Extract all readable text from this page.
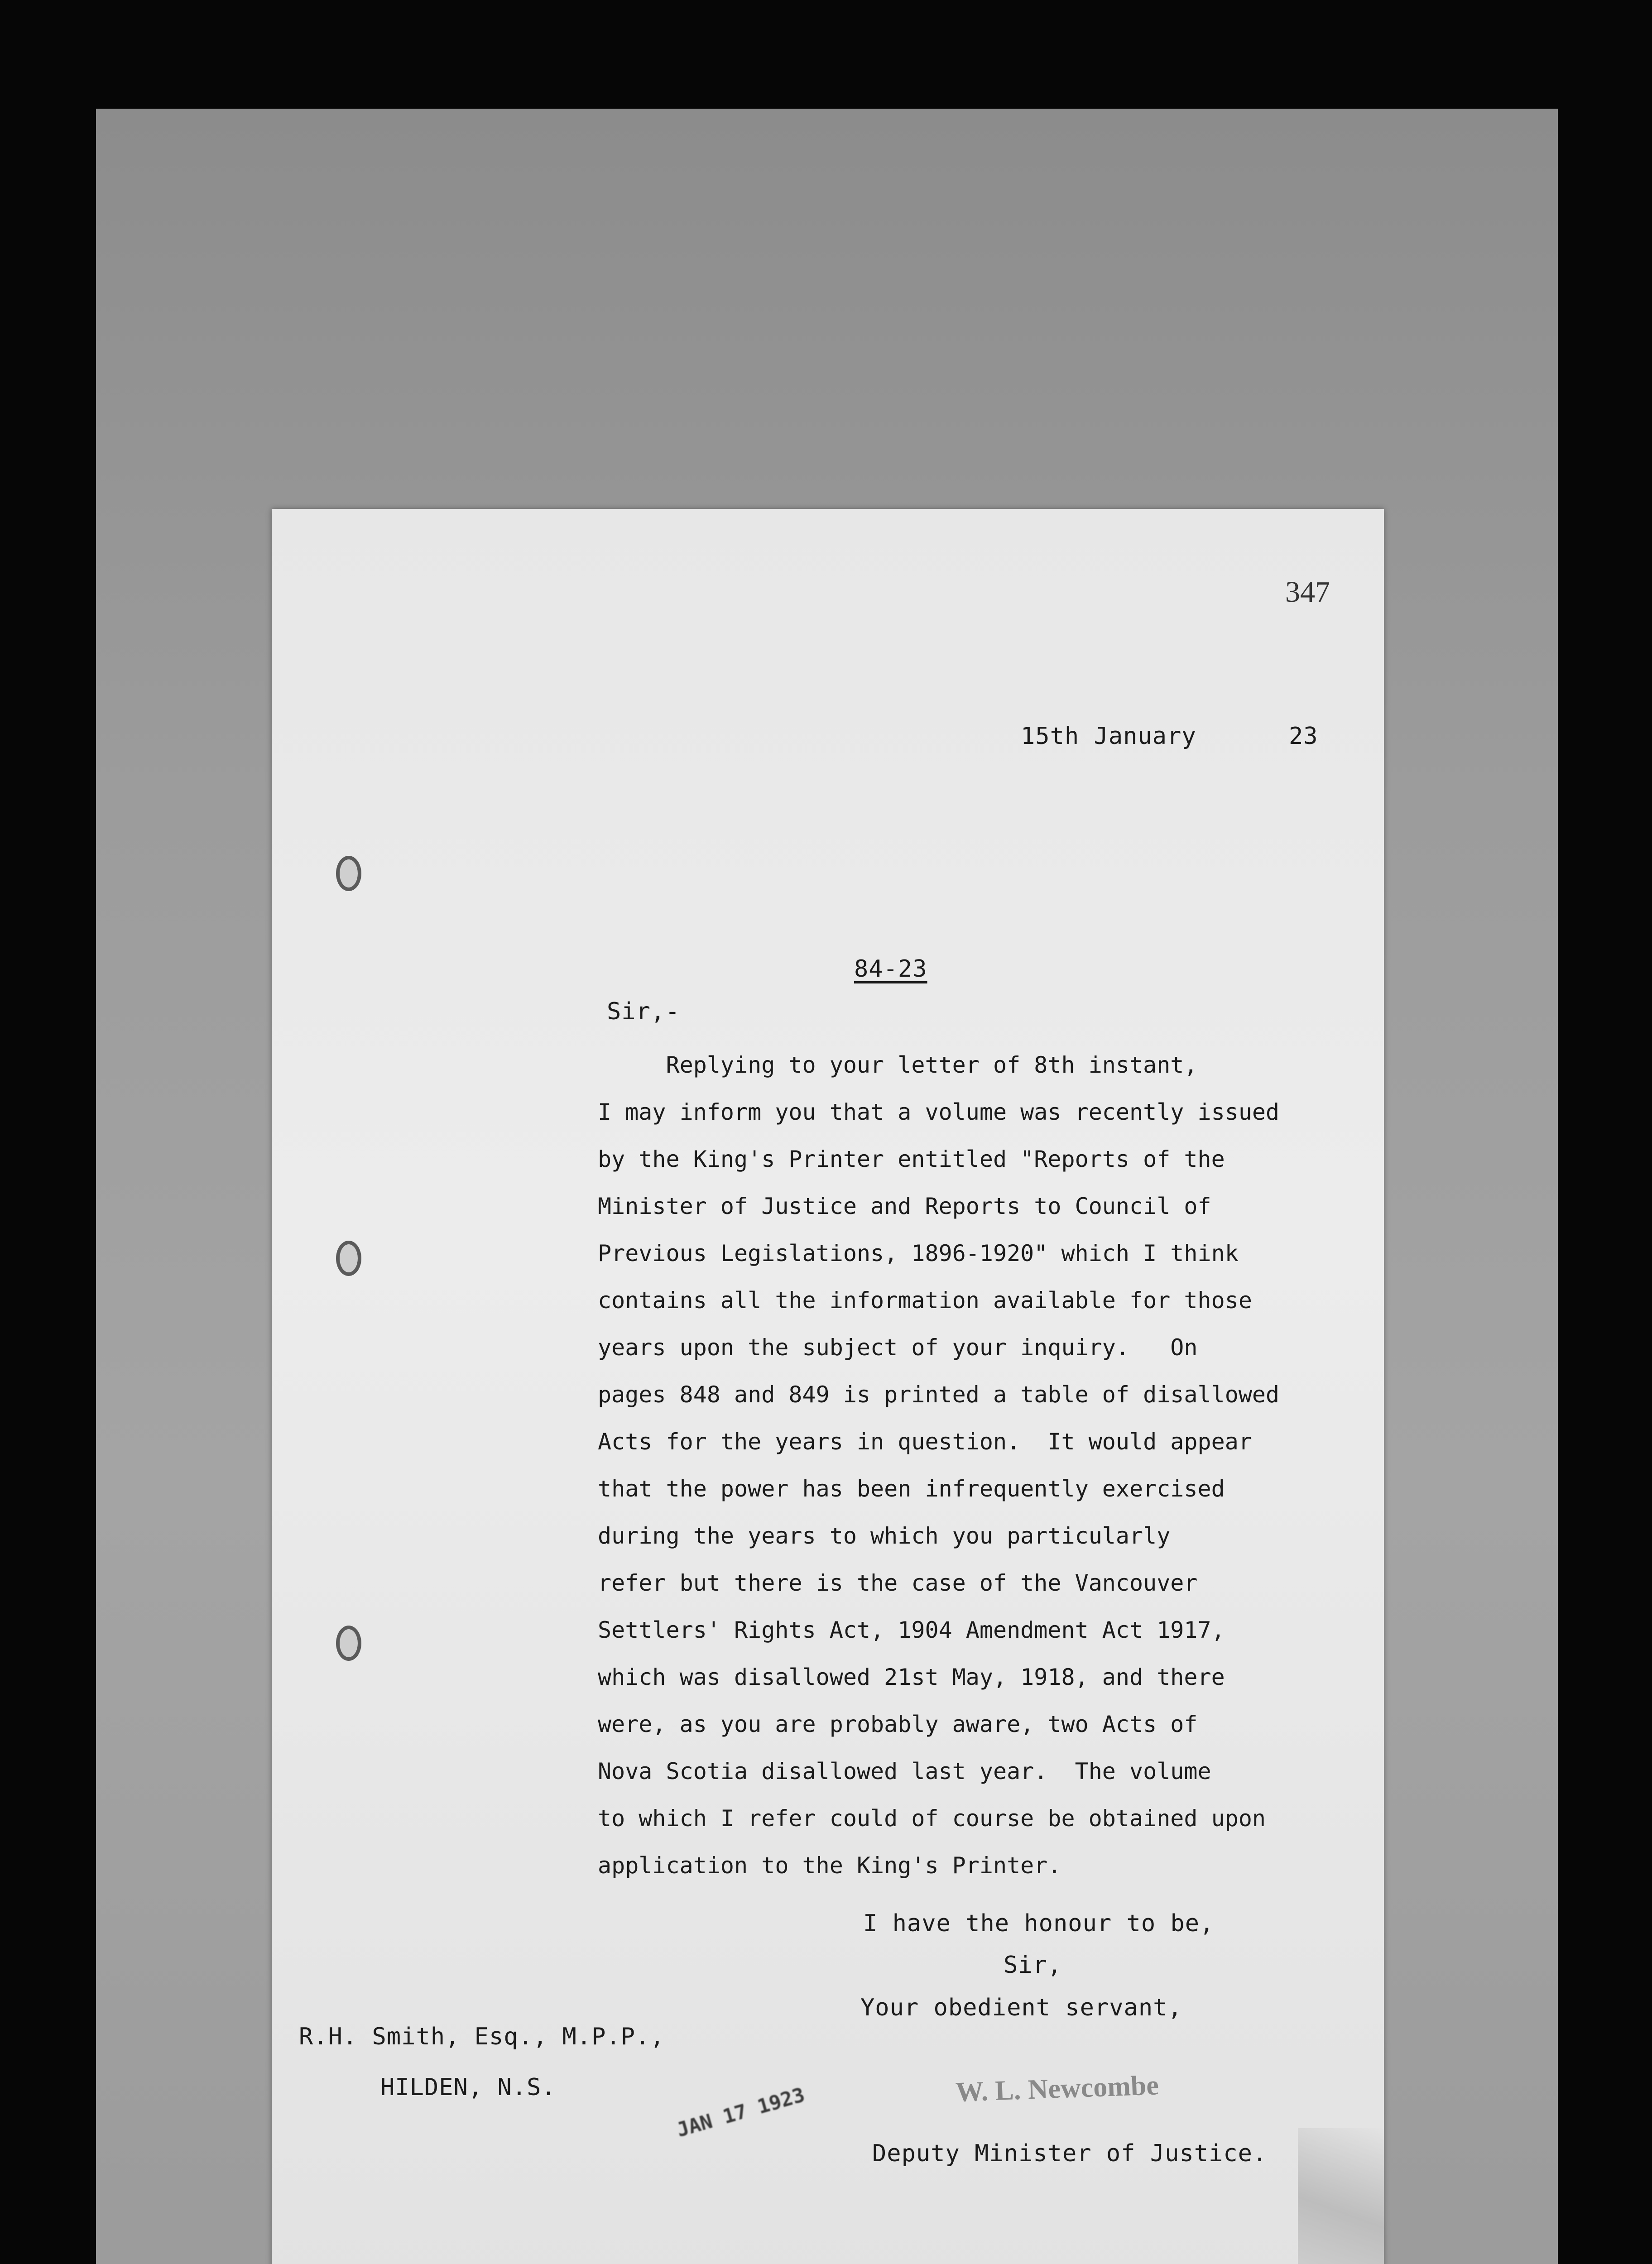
347
15th January	23
84-23
Sir,-
Replying to your letter of 8th instant,
I may inform you that a volume was recently issued
by the King's Printer entitled "Reports of the
Minister of Justice and Reports to Council of
Previous Legislations, 1896-1920" which I think
contains all the information available for those
years upon the subject of your inquiry.   On
pages 848 and 849 is printed a table of disallowed
Acts for the years in question.  It would appear
that the power has been infrequently exercised
during the years to which you particularly
refer but there is the case of the Vancouver
Settlers' Rights Act, 1904 Amendment Act 1917,
which was disallowed 21st May, 1918, and there
were, as you are probably aware, two Acts of
Nova Scotia disallowed last year.  The volume
to which I refer could of course be obtained upon
application to the King's Printer.
I have the honour to be,
Sir,
Your obedient servant,
W. L. Newcombe
Deputy Minister of Justice.
R.H. Smith, Esq., M.P.P.,
HILDEN, N.S.	JAN 17 1923
